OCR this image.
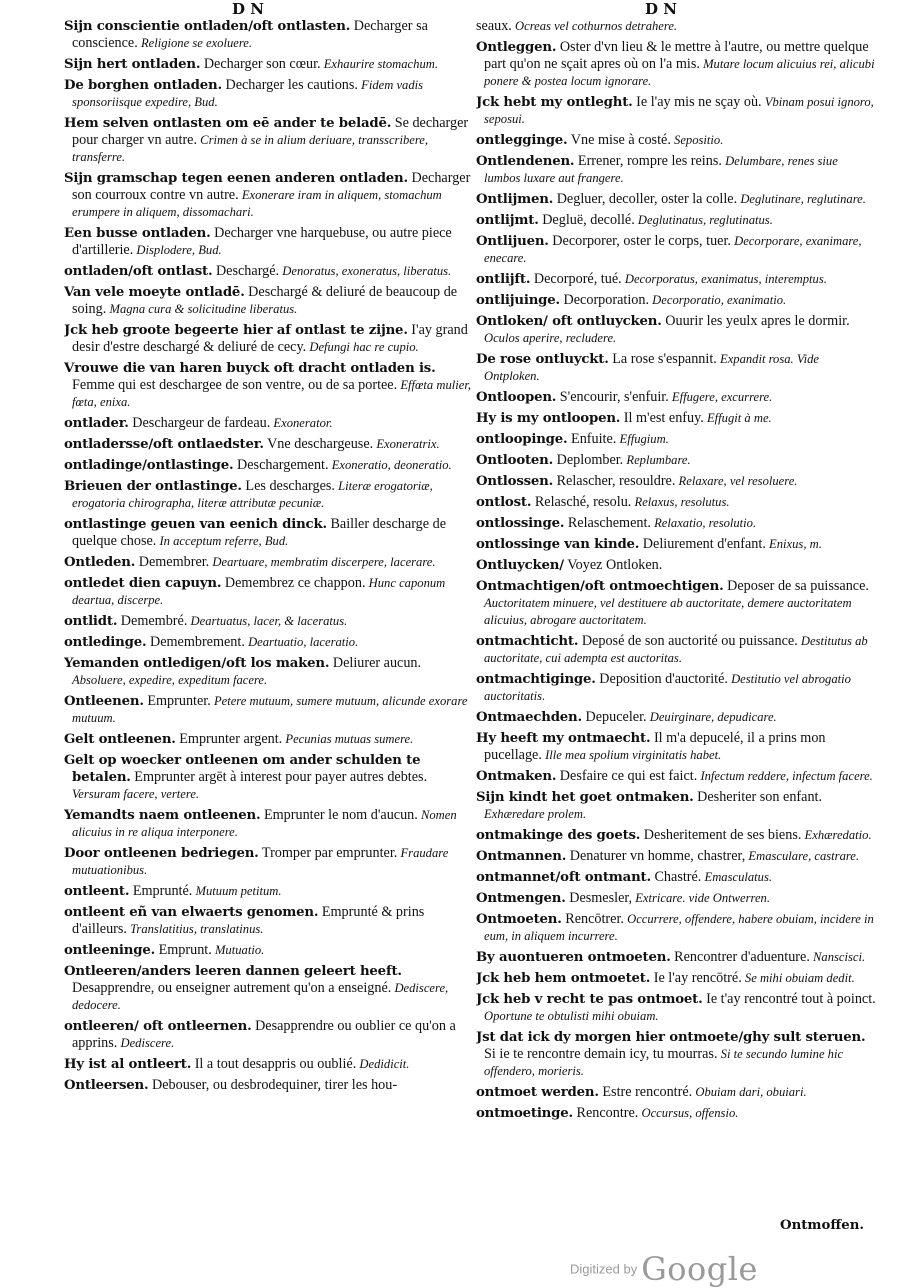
D N	D N
Sijn conscientie ontladen/oft ontlasten. Decharger sa conscience. Religione se exoluere.
Sijn hert ontladen. Decharger son cœur. Exhaurire stomachum.
De borghen ontladen. Decharger les cautions. Fidem vadis sponsoriisque expedire, Bud.
Hem selven ontlasten om eē ander te beladē. Se decharger pour charger vn autre. Crimen à se in alium deriuare, transscribere, transferre.
Sijn gramschap tegen eenen anderen ontladen. Decharger son courroux contre vn autre. Exonerare iram in aliquem, stomachum erumpere in aliquem, dissomachari.
Een busse ontladen. Decharger vne harquebuse, ou autre piece d'artillerie. Displodere, Bud.
ontladen/oft ontlast. Deschargé. Denoratus, exoneratus, liberatus.
Van vele moeyte ontladē. Deschargé & deliuré de beaucoup de soing. Magna cura & solicitudine liberatus.
Jck heb groote begeerte hier af ontlast te zijne. I'ay grand desir d'estre deschargé & deliuré de cecy. Defungi hac re cupio.
Vrouwe die van haren buyck oft dracht ontladen is.Femme qui est deschargee de son ventre, ou de sa portee. Effœta mulier, fœta, enixa.
ontlader. Deschargeur de fardeau. Exonerator.
ontladersse/oft ontlaedster. Vne deschargeuse. Exoneratrix.
ontladinge/ontlastinge. Deschargement. Exoneratio, deoneratio.
Brieuen der ontlastinge. Les descharges. Literæ erogatoriæ, erogatoria chirographa, literæ attributæ pecuniæ.
ontlastinge geuen van eenich dinck. Bailler descharge de quelque chose. In acceptum referre, Bud.
Ontleden. Demembrer. Deartuare, membratim discerpere, lacerare.
ontledet dien capuyn. Demembrez ce chappon. Hunc caponum deartua, discerpe.
ontlidt. Demembré. Deartuatus, lacer, & laceratus.
ontledinge. Demembrement. Deartuatio, laceratio.
Yemanden ontledigen/oft los maken. Deliurer aucun.Absoluere, expedire, expeditum facere.
Ontleenen. Emprunter. Petere mutuum, sumere mutuum, alicunde exorare mutuum.
Gelt ontleenen. Emprunter argent. Pecunias mutuas sumere.
Gelt op woecker ontleenen om ander schulden te betalen. Emprunter argēt à interest pour payer autres debtes.Versuram facere, vertere.
Yemandts naem ontleenen. Emprunter le nom d'aucun. Nomen alicuius in re aliqua interponere.
Door ontleenen bedriegen. Tromper par emprunter. Fraudare mutuationibus.
ontleent. Emprunté. Mutuum petitum.
ontleent eñ van elwaerts genomen. Emprunté & prins d'ailleurs. Translatitius, translatinus.
ontleeninge. Emprunt. Mutuatio.
Ontleeren/anders leeren dannen geleert heeft.Desapprendre, ou enseigner autrement qu'on a enseigné. Dediscere, dedocere.
ontleeren/ oft ontleernen. Desapprendre ou oublier ce qu'on a apprins. Dediscere.
Hy ist al ontleert. Il a tout desappris ou oublié. Dedidicit.
Ontleersen. Debouser, ou desbrodequiner, tirer les hou-
seaux. Ocreas vel cothurnos detrahere.
Ontleggen. Oster d'vn lieu & le mettre à l'autre, ou mettre quelque part qu'on ne sçait apres où on l'a mis. Mutare locum alicuius rei, alicubi ponere & postea locum ignorare.
Jck hebt my ontleght. Ie l'ay mis ne sçay où. Vbinam posui ignoro, seposui.
ontlegginge. Vne mise à costé. Sepositio.
Ontlendenen. Errener, rompre les reins. Delumbare, renes siue lumbos luxare aut frangere.
Ontlijmen. Degluer, decoller, oster la colle. Deglutinare, reglutinare.
ontlijmt. Degluë, decollé. Deglutinatus, reglutinatus.
Ontlijuen. Decorporer, oster le corps, tuer. Decorporare, exanimare, enecare.
ontlijft. Decorporé, tué. Decorporatus, exanimatus, interemptus.
ontlijuinge. Decorporation. Decorporatio, exanimatio.
Ontloken/ oft ontluycken. Ouurir les yeulx apres le dormir.Oculos aperire, recludere.
De rose ontluyckt. La rose s'espannit. Expandit rosa. Vide Ontploken.
Ontloopen. S'encourir, s'enfuir. Effugere, excurrere.
Hy is my ontloopen. Il m'est enfuy. Effugit à me.
ontloopinge. Enfuite. Effugium.
Ontlooten. Deplomber. Replumbare.
Ontlossen. Relascher, resouldre. Relaxare, vel resoluere.
ontlost. Relasché, resolu. Relaxus, resolutus.
ontlossinge. Relaschement. Relaxatio, resolutio.
ontlossinge van kinde. Deliurement d'enfant. Enixus, m.
Ontluycken/ Voyez Ontloken.
Ontmachtigen/oft ontmoechtigen. Deposer de sa puissance.Auctoritatem minuere, vel destituere ab auctoritate, demere auctoritatem alicuius, abrogare auctoritatem.
ontmachticht. Deposé de son auctorité ou puissance. Destitutus ab auctoritate, cui adempta est auctoritas.
ontmachtiginge. Deposition d'auctorité. Destitutio vel abrogatio auctoritatis.
Ontmaechden. Depuceler. Deuirginare, depudicare.
Hy heeft my ontmaecht. Il m'a depucelé, il a prins mon pucellage. Ille mea spolium virginitatis habet.
Ontmaken. Desfaire ce qui est faict. Infectum reddere, infectum facere.
Sijn kindt het goet ontmaken. Desheriter son enfant.Exhæredare prolem.
ontmakinge des goets. Desheritement de ses biens. Exhæredatio.
Ontmannen. Denaturer vn homme, chastrer, Emasculare, castrare.
ontmannet/oft ontmant. Chastré. Emasculatus.
Ontmengen. Desmesler, Extricare. vide Ontwerren.
Ontmoeten. Rencōtrer. Occurrere, offendere, habere obuiam, incidere in eum, in aliquem incurrere.
By auontueren ontmoeten. Rencontrer d'aduenture. Nanscisci.
Jck heb hem ontmoetet. Ie l'ay rencōtré. Se mihi obuiam dedit.
Jck heb v recht te pas ontmoet. Ie t'ay rencontré tout à poinct.Oportune te obtulisti mihi obuiam.
Jst dat ick dy morgen hier ontmoete/ghy sult steruen.Si ie te rencontre demain icy, tu mourras. Si te secundo lumine hic offendero, morieris.
ontmoet werden. Estre rencontré. Obuiam dari, obuiari.
ontmoetinge. Rencontre. Occursus, offensio.
Ontmoffen.
Digitized by Google
